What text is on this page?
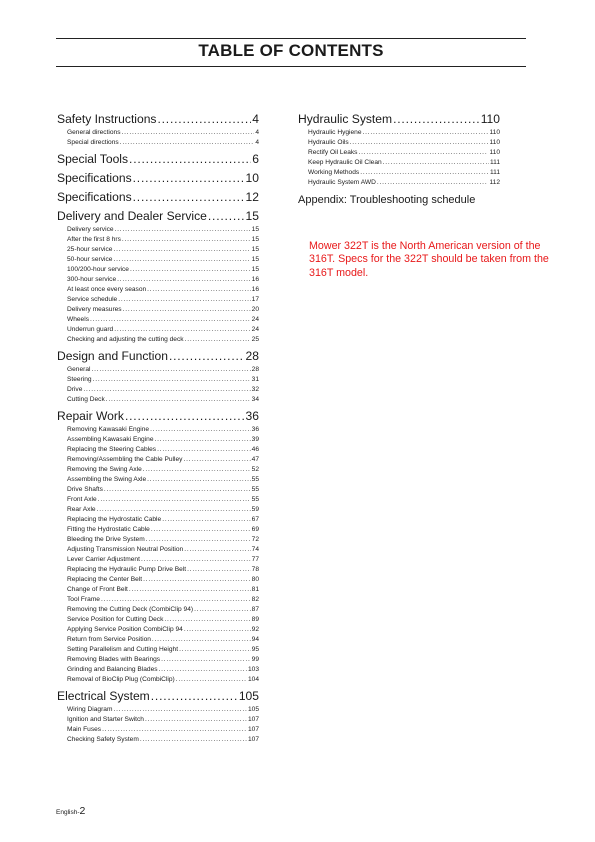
TABLE OF CONTENTS
Safety Instructions .....	4
General directions .....	4
Special directions .....	4
Special Tools .....	6
Specifications .....	10
Specifications .....	12
Delivery and Dealer Service .....	15
Delivery service .....	15
After the first 8 hrs .....	15
25-hour service .....	15
50-hour service .....	15
100/200-hour service .....	15
300-hour service .....	16
At least once every season .....	16
Service schedule .....	17
Delivery measures .....	20
Wheels .....	24
Underrun guard .....	24
Checking and adjusting the cutting deck .....	25
Design and Function .....	28
General .....	28
Steering .....	31
Drive .....	32
Cutting Deck .....	34
Repair Work .....	36
Removing Kawasaki Engine .....	36
Assembling Kawasaki Engine .....	39
Replacing the Steering Cables .....	46
Removing/Assembling the Cable Pulley .....	47
Removing the Swing Axle .....	52
Assembling the Swing Axle .....	55
Drive Shafts .....	55
Front Axle .....	55
Rear Axle .....	59
Replacing the Hydrostatic Cable .....	67
Fitting the Hydrostatic Cable .....	69
Bleeding the Drive System .....	72
Adjusting Transmission Neutral Position .....	74
Lever Carrier Adjustment .....	77
Replacing the Hydraulic Pump Drive Belt .....	78
Replacing the Center Belt .....	80
Change of Front Belt .....	81
Tool Frame .....	82
Removing the Cutting Deck (CombiClip 94) .....	87
Service Position for Cutting Deck .....	89
Applying Service Position CombiClip 94 .....	92
Return from Service Position .....	94
Setting Parallelism and Cutting Height .....	95
Removing Blades with Bearings .....	99
Grinding and Balancing Blades .....	103
Removal of BioClip Plug (CombiClip) .....	104
Electrical System .....	105
Wiring Diagram .....	105
Ignition and Starter Switch .....	107
Main Fuses .....	107
Checking Safety System .....	107
Hydraulic System .....	110
Hydraulic Hygiene .....	110
Hydraulic Oils .....	110
Rectify Oil Leaks .....	110
Keep Hydraulic Oil Clean .....	111
Working Methods .....	111
Hydraulic System AWD .....	112
Appendix: Troubleshooting schedule
Mower 322T is the North American version of the 316T. Specs for the 322T should be taken from the 316T model.
English-2
